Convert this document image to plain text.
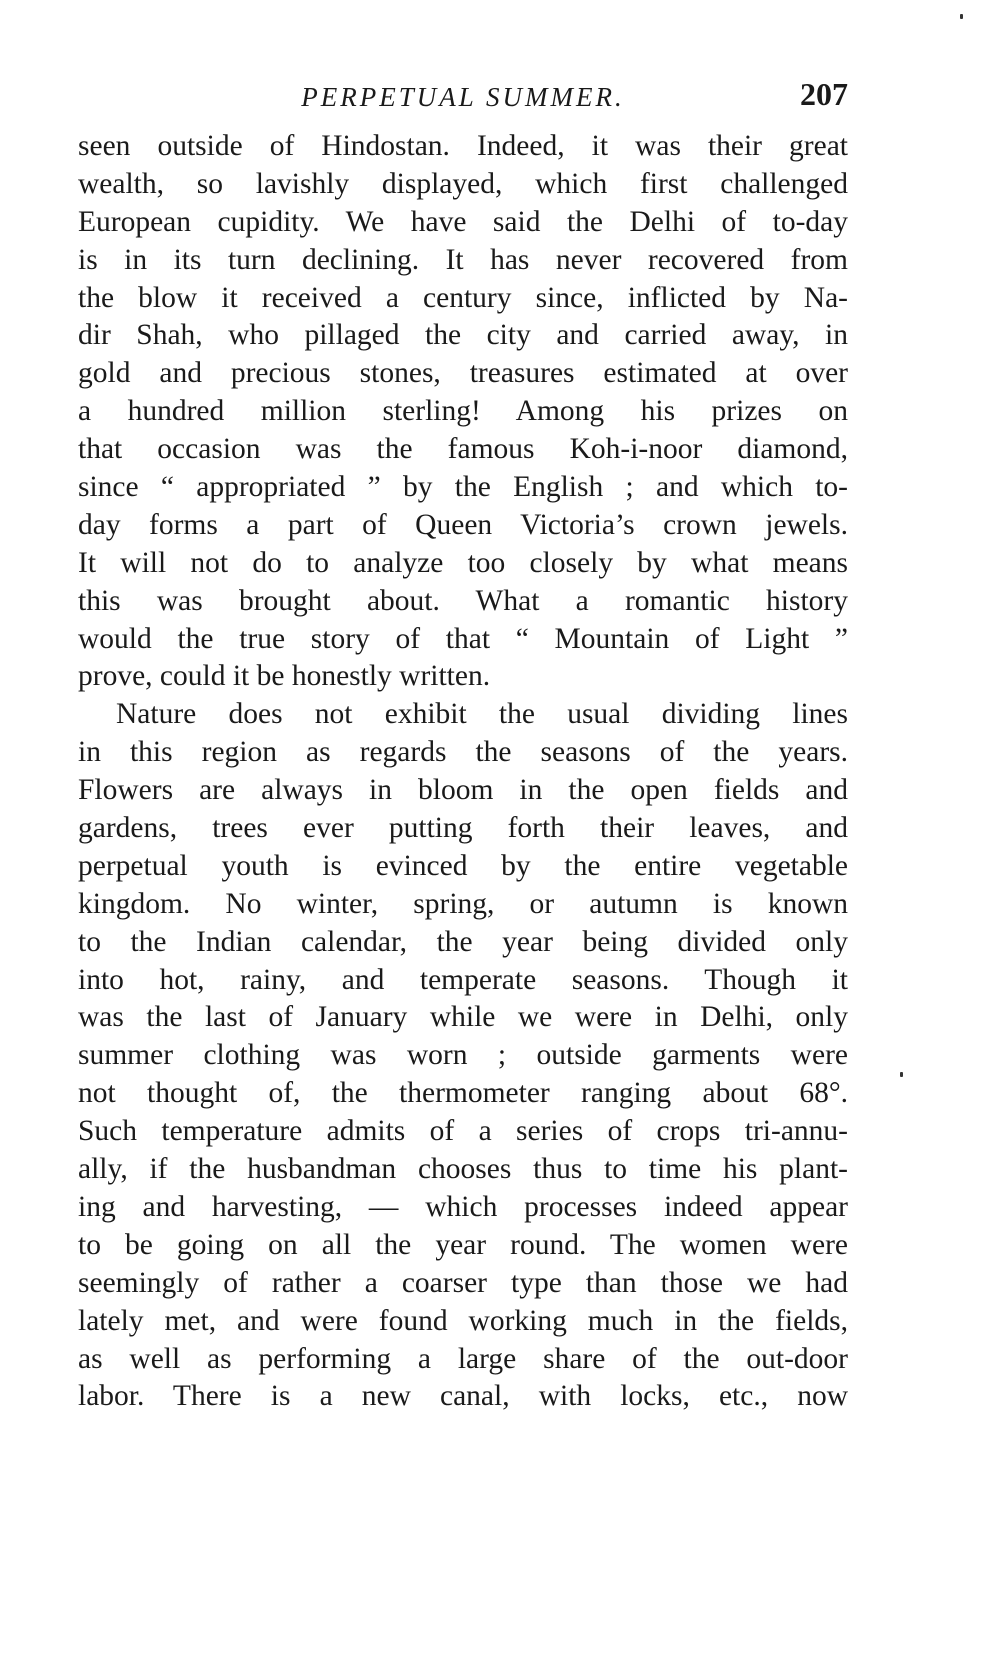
PERPETUAL SUMMER.	207
seen outside of Hindostan. Indeed, it was their great
wealth, so lavishly displayed, which first challenged
European cupidity. We have said the Delhi of to-day
is in its turn declining. It has never recovered from
the blow it received a century since, inflicted by Na-
dir Shah, who pillaged the city and carried away, in
gold and precious stones, treasures estimated at over
a hundred million sterling! Among his prizes on
that occasion was the famous Koh-i-noor diamond,
since “ appropriated ” by the English ; and which to-
day forms a part of Queen Victoria’s crown jewels.
It will not do to analyze too closely by what means
this was brought about. What a romantic history
would the true story of that “ Mountain of Light ”
prove, could it be honestly written.
Nature does not exhibit the usual dividing lines
in this region as regards the seasons of the years.
Flowers are always in bloom in the open fields and
gardens, trees ever putting forth their leaves, and
perpetual youth is evinced by the entire vegetable
kingdom. No winter, spring, or autumn is known
to the Indian calendar, the year being divided only
into hot, rainy, and temperate seasons. Though it
was the last of January while we were in Delhi, only
summer clothing was worn ; outside garments were
not thought of, the thermometer ranging about 68°.
Such temperature admits of a series of crops tri-annu-
ally, if the husbandman chooses thus to time his plant-
ing and harvesting, — which processes indeed appear
to be going on all the year round. The women were
seemingly of rather a coarser type than those we had
lately met, and were found working much in the fields,
as well as performing a large share of the out-door
labor. There is a new canal, with locks, etc., now
